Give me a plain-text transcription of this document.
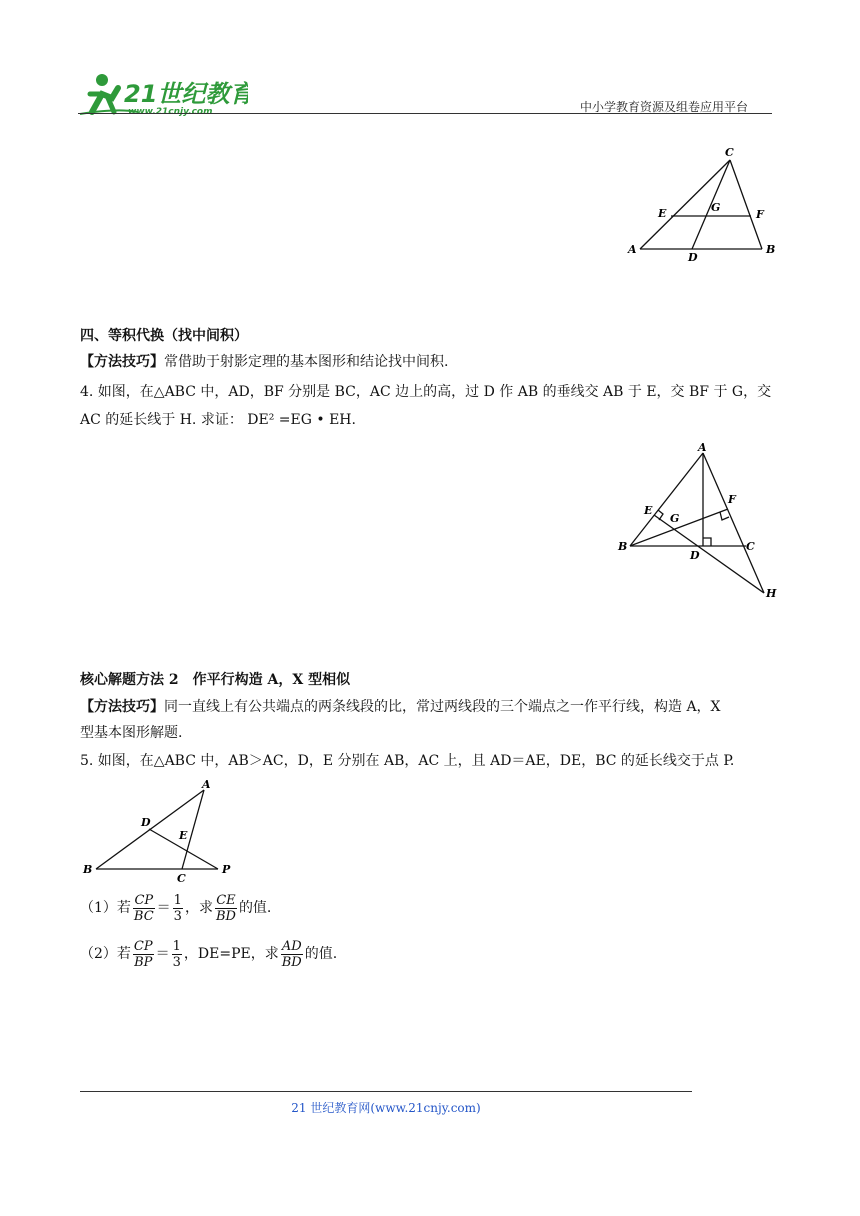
21世纪教育
www.21cnjy.com	中小学教育资源及组卷应用平台
C
E	G
F
A
D
B
四、等积代换（找中间积）
【方法技巧】常借助于射影定理的基本图形和结论找中间积.
4. 如图，在△ABC 中，AD，BF 分别是 BC，AC 边上的高，过 D 作 AB 的垂线交 AB 于 E，交 BF 于 G，交
AC 的延长线于 H. 求证： DE² =EG • EH.
A
E
G
F
B
D
C
H
核心解题方法 2　作平行构造 A，X 型相似
【方法技巧】同一直线上有公共端点的两条线段的比，常过两线段的三个端点之一作平行线，构造 A，X
型基本图形解题.
5. 如图，在△ABC 中，AB＞AC，D，E 分别在 AB，AC 上，且 AD＝AE，DE，BC 的延长线交于点 P.
A
D
E
B
C
P
（1）若 $\frac{CP}{BC} = \frac{1}{3}$ ，求 $\frac{CE}{BD}$ 的值.
（2）若 $\frac{CP}{BP} = \frac{1}{3}$ ，DE=PE，求 $\frac{AD}{BD}$ 的值.
21 世纪教育网(www.21cnjy.com)
